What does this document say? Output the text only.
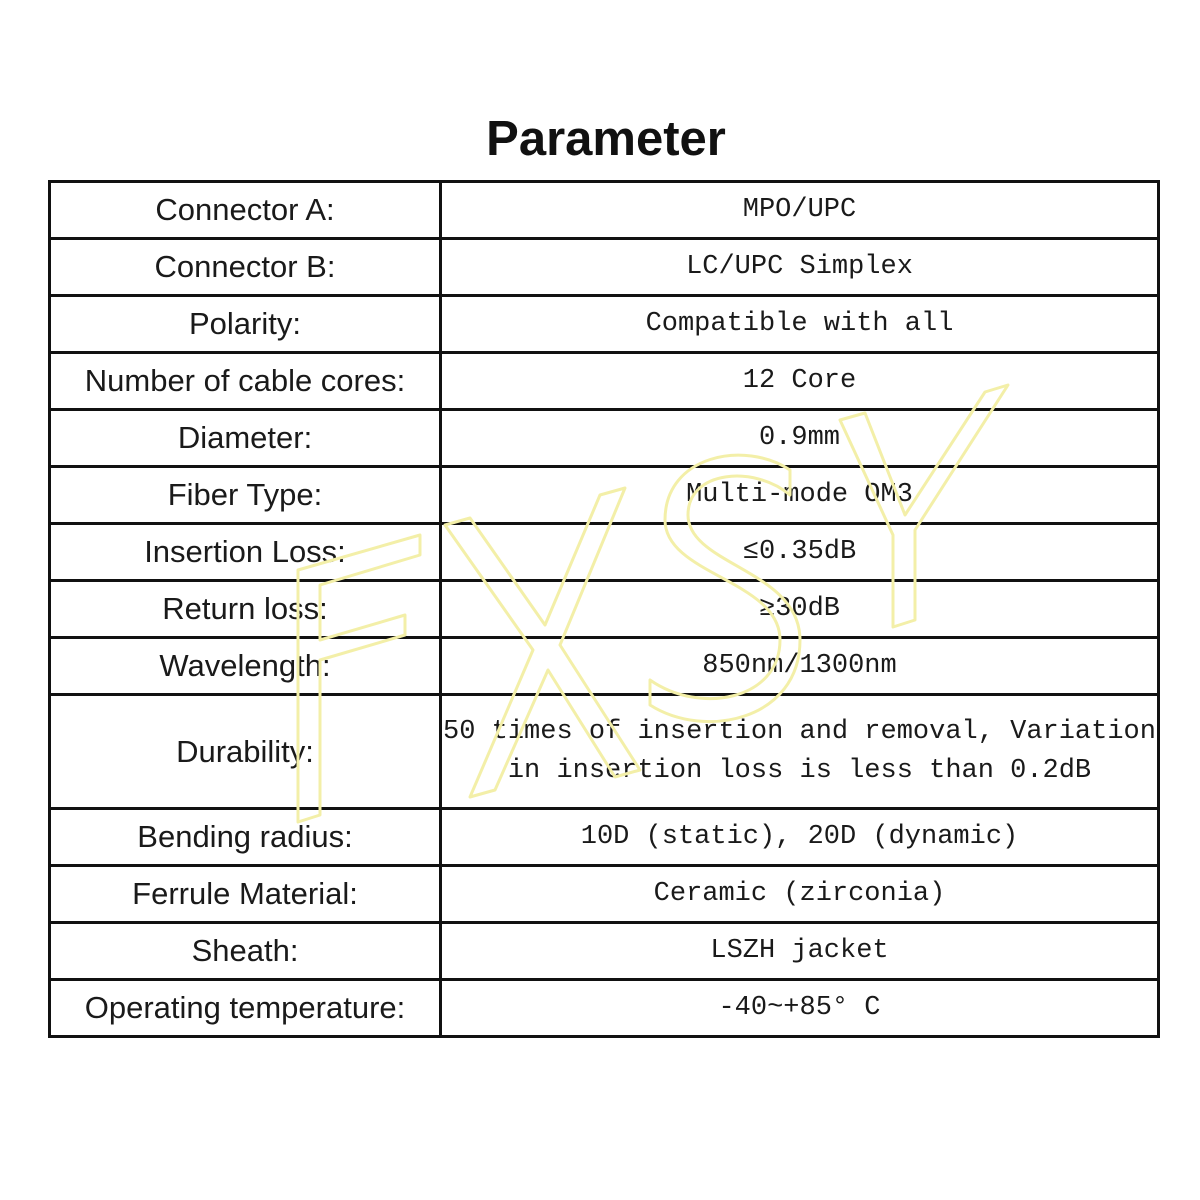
Parameter
Connector A:	MPO/UPC
Connector B:	LC/UPC Simplex
Polarity:	Compatible with all
Number of cable cores:	12 Core
Diameter:	0.9mm
Fiber Type:	Multi-mode OM3
Insertion Loss:	≤0.35dB
Return loss:	≥30dB
Wavelength:	850nm/1300nm
Durability:	50 times of insertion and removal, Variation
in insertion loss is less than 0.2dB
Bending radius:	10D (static), 20D (dynamic)
Ferrule Material:	Ceramic (zirconia)
Sheath:	LSZH jacket
Operating temperature:	-40~+85° C
